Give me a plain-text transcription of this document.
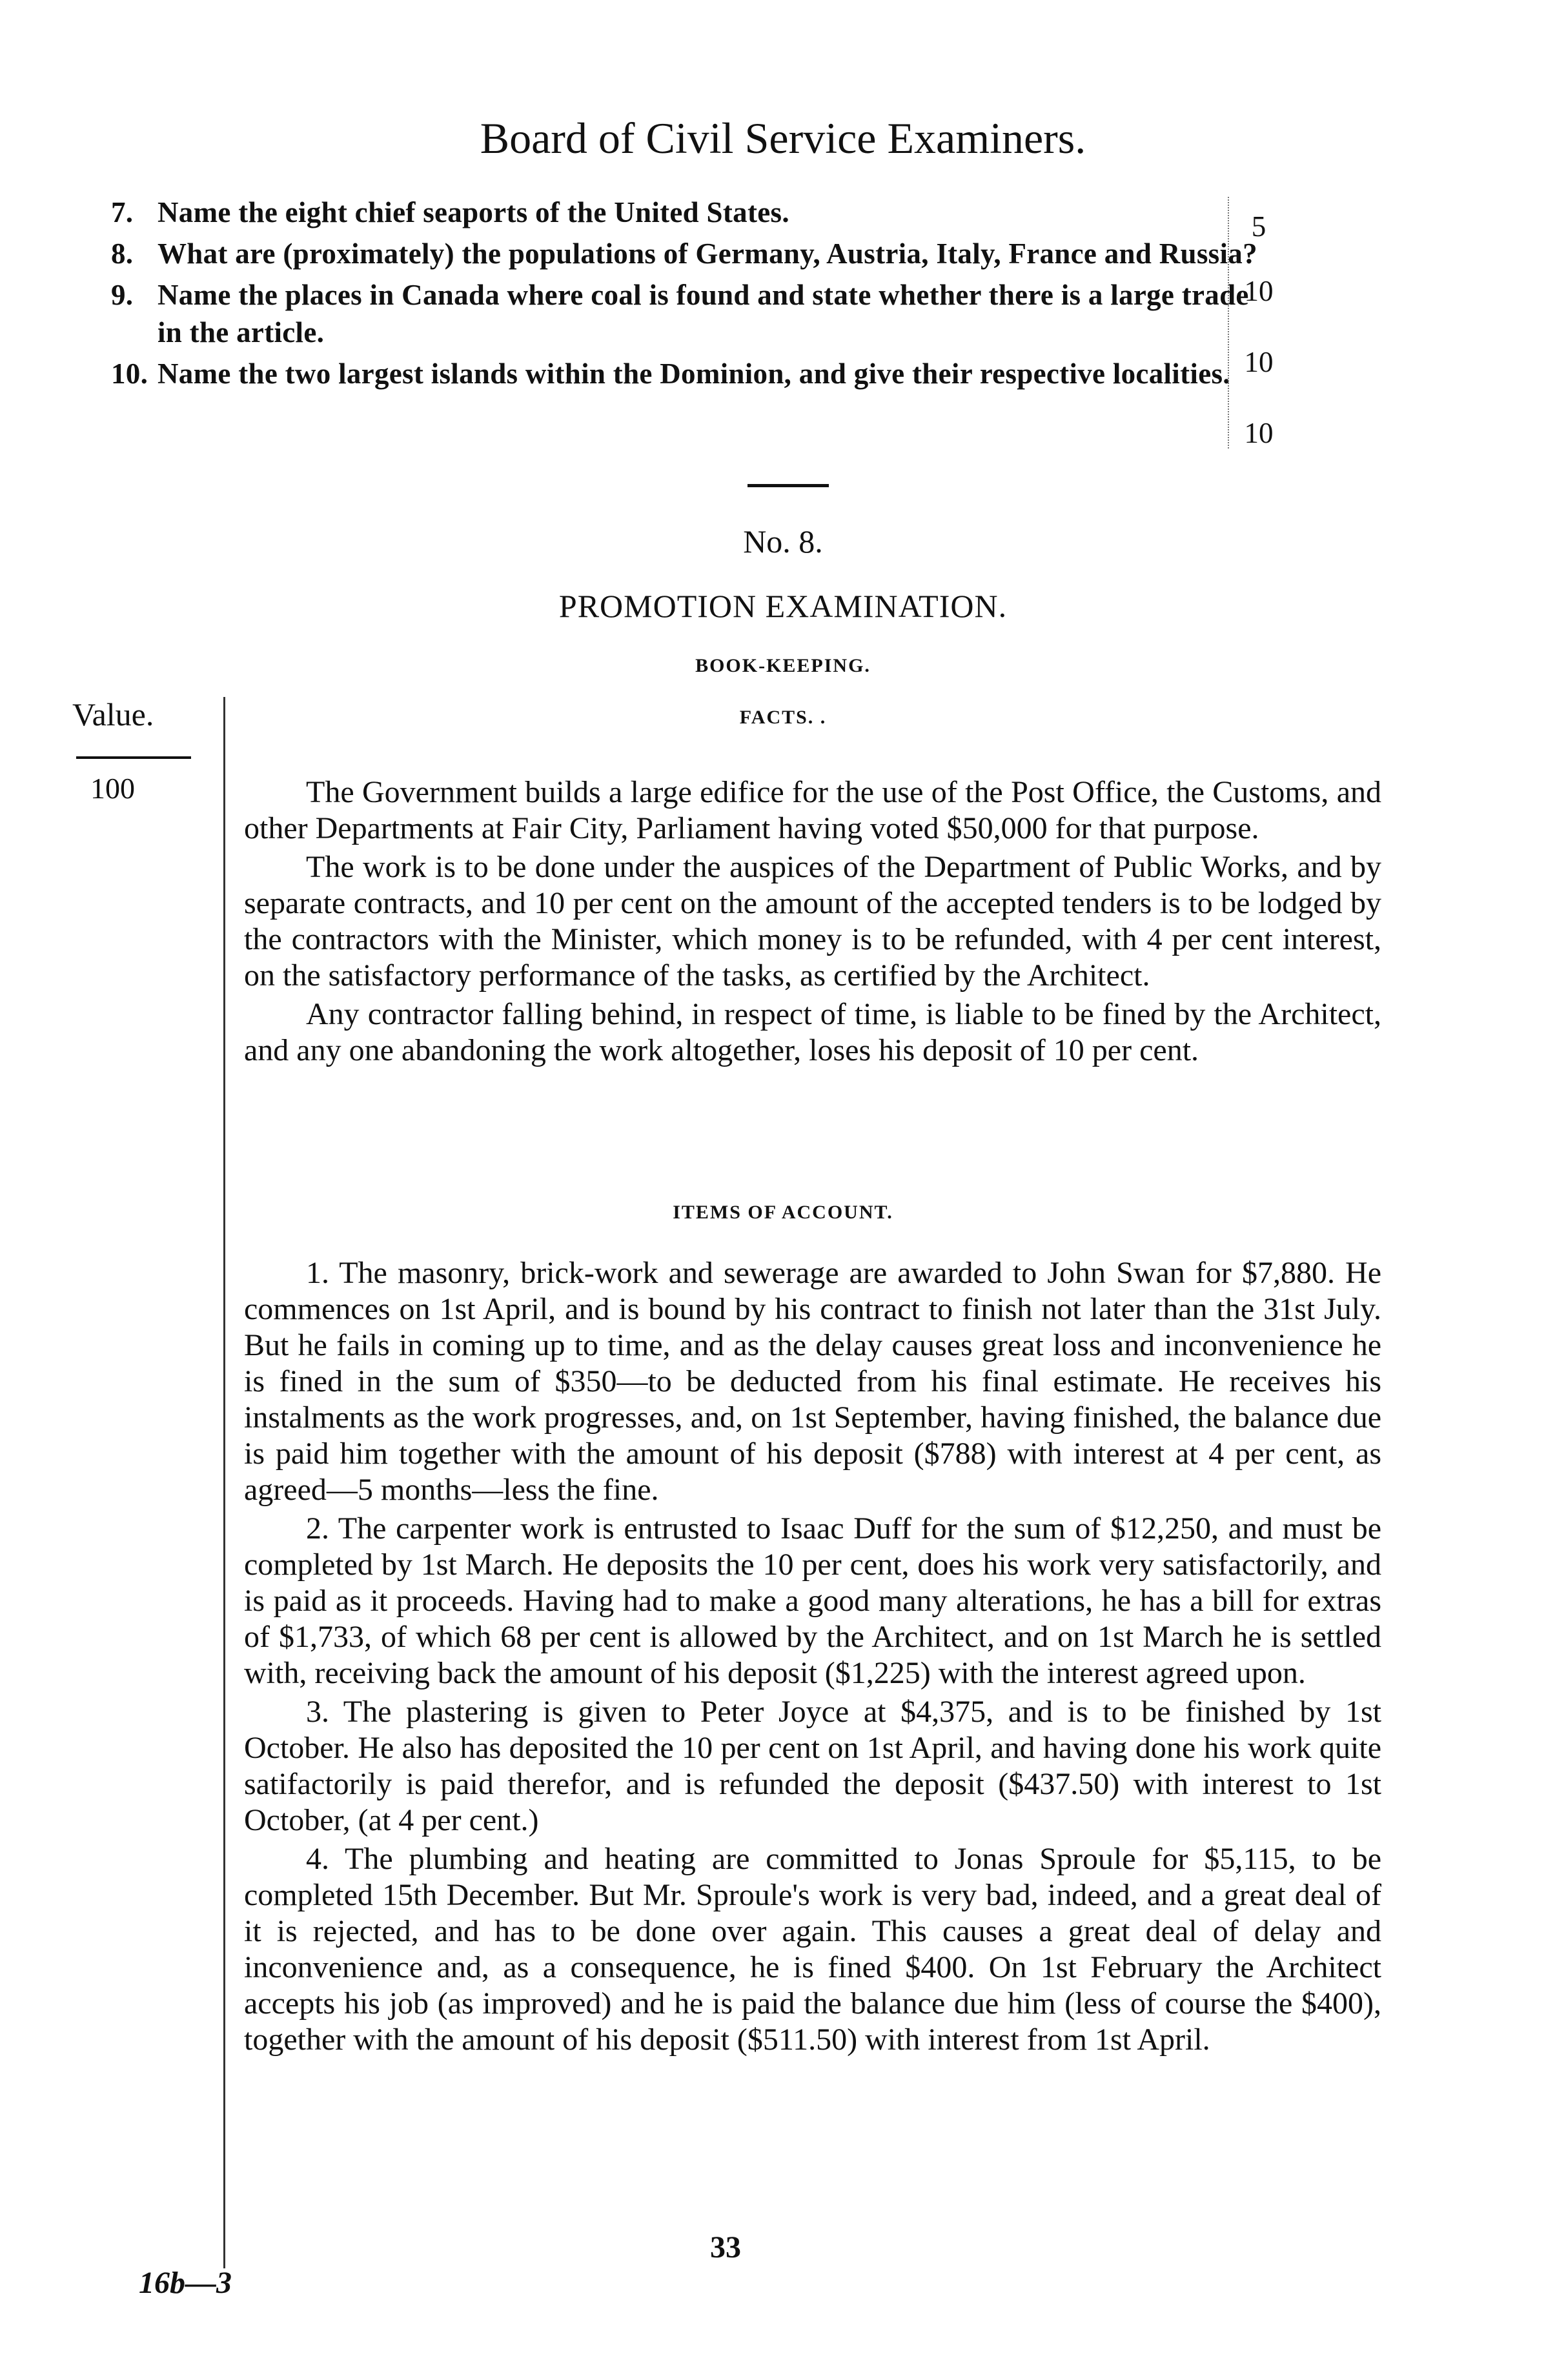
Board of Civil Service Examiners.
7. Name the eight chief seaports of the United States.
8. What are (proximately) the populations of Germany, Austria, Italy, France and Russia?
9. Name the places in Canada where coal is found and state whether there is a large trade in the article.
10. Name the two largest islands within the Dominion, and give their respective localities.
5
10
10
10
No. 8.
PROMOTION EXAMINATION.
BOOK-KEEPING.
FACTS. .
Value.
100	The Government builds a large edifice for the use of the Post Office, the Customs, and other Departments at Fair City, Parliament having voted $50,000 for that purpose.

The work is to be done under the auspices of the Department of Public Works, and by separate contracts, and 10 per cent on the amount of the accepted tenders is to be lodged by the contractors with the Minister, which money is to be refunded, with 4 per cent interest, on the satisfactory performance of the tasks, as certified by the Architect.

Any contractor falling behind, in respect of time, is liable to be fined by the Architect, and any one abandoning the work altogether, loses his deposit of 10 per cent.

ITEMS OF ACCOUNT.

1. The masonry, brick-work and sewerage are awarded to John Swan for $7,880. He commences on 1st April, and is bound by his contract to finish not later than the 31st July. But he fails in coming up to time, and as the delay causes great loss and inconvenience he is fined in the sum of $350—to be deducted from his final estimate. He receives his instalments as the work progresses, and, on 1st September, having finished, the balance due is paid him together with the amount of his deposit ($788) with interest at 4 per cent, as agreed—5 months—less the fine.

2. The carpenter work is entrusted to Isaac Duff for the sum of $12,250, and must be completed by 1st March. He deposits the 10 per cent, does his work very satisfactorily, and is paid as it proceeds. Having had to make a good many alterations, he has a bill for extras of $1,733, of which 68 per cent is allowed by the Architect, and on 1st March he is settled with, receiving back the amount of his deposit ($1,225) with the interest agreed upon.

3. The plastering is given to Peter Joyce at $4,375, and is to be finished by 1st October. He also has deposited the 10 per cent on 1st April, and having done his work quite satifactorily is paid therefor, and is refunded the deposit ($437.50) with interest to 1st October, (at 4 per cent.)

4. The plumbing and heating are committed to Jonas Sproule for $5,115, to be completed 15th December. But Mr. Sproule's work is very bad, indeed, and a great deal of it is rejected, and has to be done over again. This causes a great deal of delay and inconvenience and, as a consequence, he is fined $400. On 1st February the Architect accepts his job (as improved) and he is paid the balance due him (less of course the $400), together with the amount of his deposit ($511.50) with interest from 1st April.

33
16b—3
